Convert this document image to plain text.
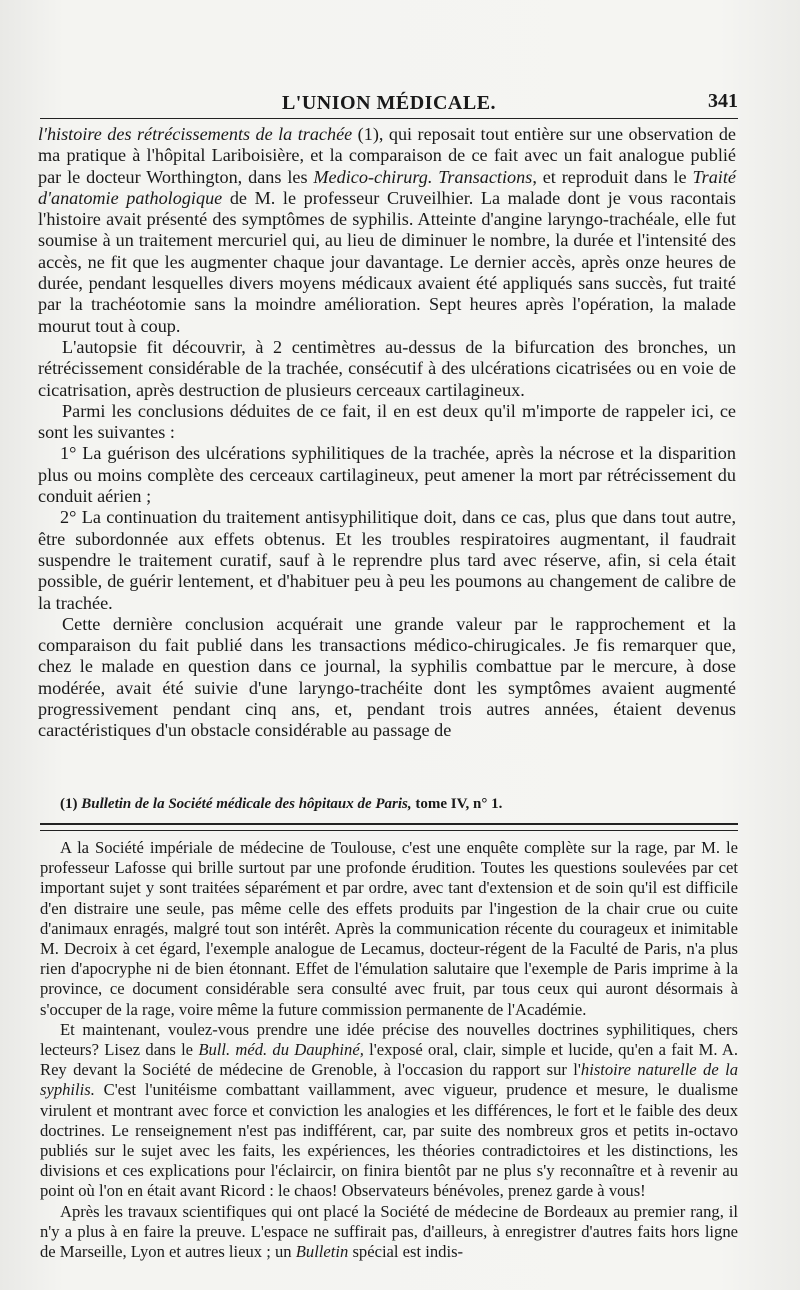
L'UNION MÉDICALE.	341

l'histoire des rétrécissements de la trachée (1), qui reposait tout entière sur une observation de ma pratique à l'hôpital Lariboisière, et la comparaison de ce fait avec un fait analogue publié par le docteur Worthington, dans les Medico-chirurg. Transactions, et reproduit dans le Traité d'anatomie pathologique de M. le professeur Cruveilhier. La malade dont je vous racontais l'histoire avait présenté des symptômes de syphilis. Atteinte d'angine laryngo-trachéale, elle fut soumise à un traitement mercuriel qui, au lieu de diminuer le nombre, la durée et l'intensité des accès, ne fit que les augmenter chaque jour davantage. Le dernier accès, après onze heures de durée, pendant lesquelles divers moyens médicaux avaient été appliqués sans succès, fut traité par la trachéotomie sans la moindre amélioration. Sept heures après l'opération, la malade mourut tout à coup.

L'autopsie fit découvrir, à 2 centimètres au-dessus de la bifurcation des bronches, un rétrécissement considérable de la trachée, consécutif à des ulcérations cicatrisées ou en voie de cicatrisation, après destruction de plusieurs cerceaux cartilagineux.

Parmi les conclusions déduites de ce fait, il en est deux qu'il m'importe de rappeler ici, ce sont les suivantes :

1° La guérison des ulcérations syphilitiques de la trachée, après la nécrose et la disparition plus ou moins complète des cerceaux cartilagineux, peut amener la mort par rétrécissement du conduit aérien ;

2° La continuation du traitement antisyphilitique doit, dans ce cas, plus que dans tout autre, être subordonnée aux effets obtenus. Et les troubles respiratoires augmentant, il faudrait suspendre le traitement curatif, sauf à le reprendre plus tard avec réserve, afin, si cela était possible, de guérir lentement, et d'habituer peu à peu les poumons au changement de calibre de la trachée.

Cette dernière conclusion acquérait une grande valeur par le rapprochement et la comparaison du fait publié dans les transactions médico-chirugicales. Je fis remarquer que, chez le malade en question dans ce journal, la syphilis combattue par le mercure, à dose modérée, avait été suivie d'une laryngo-trachéite dont les symptômes avaient augmenté progressivement pendant cinq ans, et, pendant trois autres années, étaient devenus caractéristiques d'un obstacle considérable au passage de

(1) Bulletin de la Société médicale des hôpitaux de Paris, tome IV, n° 1.

A la Société impériale de médecine de Toulouse, c'est une enquête complète sur la rage, par M. le professeur Lafosse qui brille surtout par une profonde érudition. Toutes les questions soulevées par cet important sujet y sont traitées séparément et par ordre, avec tant d'extension et de soin qu'il est difficile d'en distraire une seule, pas même celle des effets produits par l'ingestion de la chair crue ou cuite d'animaux enragés, malgré tout son intérêt. Après la communication récente du courageux et inimitable M. Decroix à cet égard, l'exemple analogue de Lecamus, docteur-régent de la Faculté de Paris, n'a plus rien d'apocryphe ni de bien étonnant. Effet de l'émulation salutaire que l'exemple de Paris imprime à la province, ce document considérable sera consulté avec fruit, par tous ceux qui auront désormais à s'occuper de la rage, voire même la future commission permanente de l'Académie.

Et maintenant, voulez-vous prendre une idée précise des nouvelles doctrines syphilitiques, chers lecteurs? Lisez dans le Bull. méd. du Dauphiné, l'exposé oral, clair, simple et lucide, qu'en a fait M. A. Rey devant la Société de médecine de Grenoble, à l'occasion du rapport sur l'histoire naturelle de la syphilis. C'est l'unitéisme combattant vaillamment, avec vigueur, prudence et mesure, le dualisme virulent et montrant avec force et conviction les analogies et les différences, le fort et le faible des deux doctrines. Le renseignement n'est pas indifférent, car, par suite des nombreux gros et petits in-octavo publiés sur le sujet avec les faits, les expériences, les théories contradictoires et les distinctions, les divisions et ces explications pour l'éclaircir, on finira bientôt par ne plus s'y reconnaître et à revenir au point où l'on en était avant Ricord : le chaos! Observateurs bénévoles, prenez garde à vous!

Après les travaux scientifiques qui ont placé la Société de médecine de Bordeaux au premier rang, il n'y a plus à en faire la preuve. L'espace ne suffirait pas, d'ailleurs, à enregistrer d'autres faits hors ligne de Marseille, Lyon et autres lieux ; un Bulletin spécial est indis-
